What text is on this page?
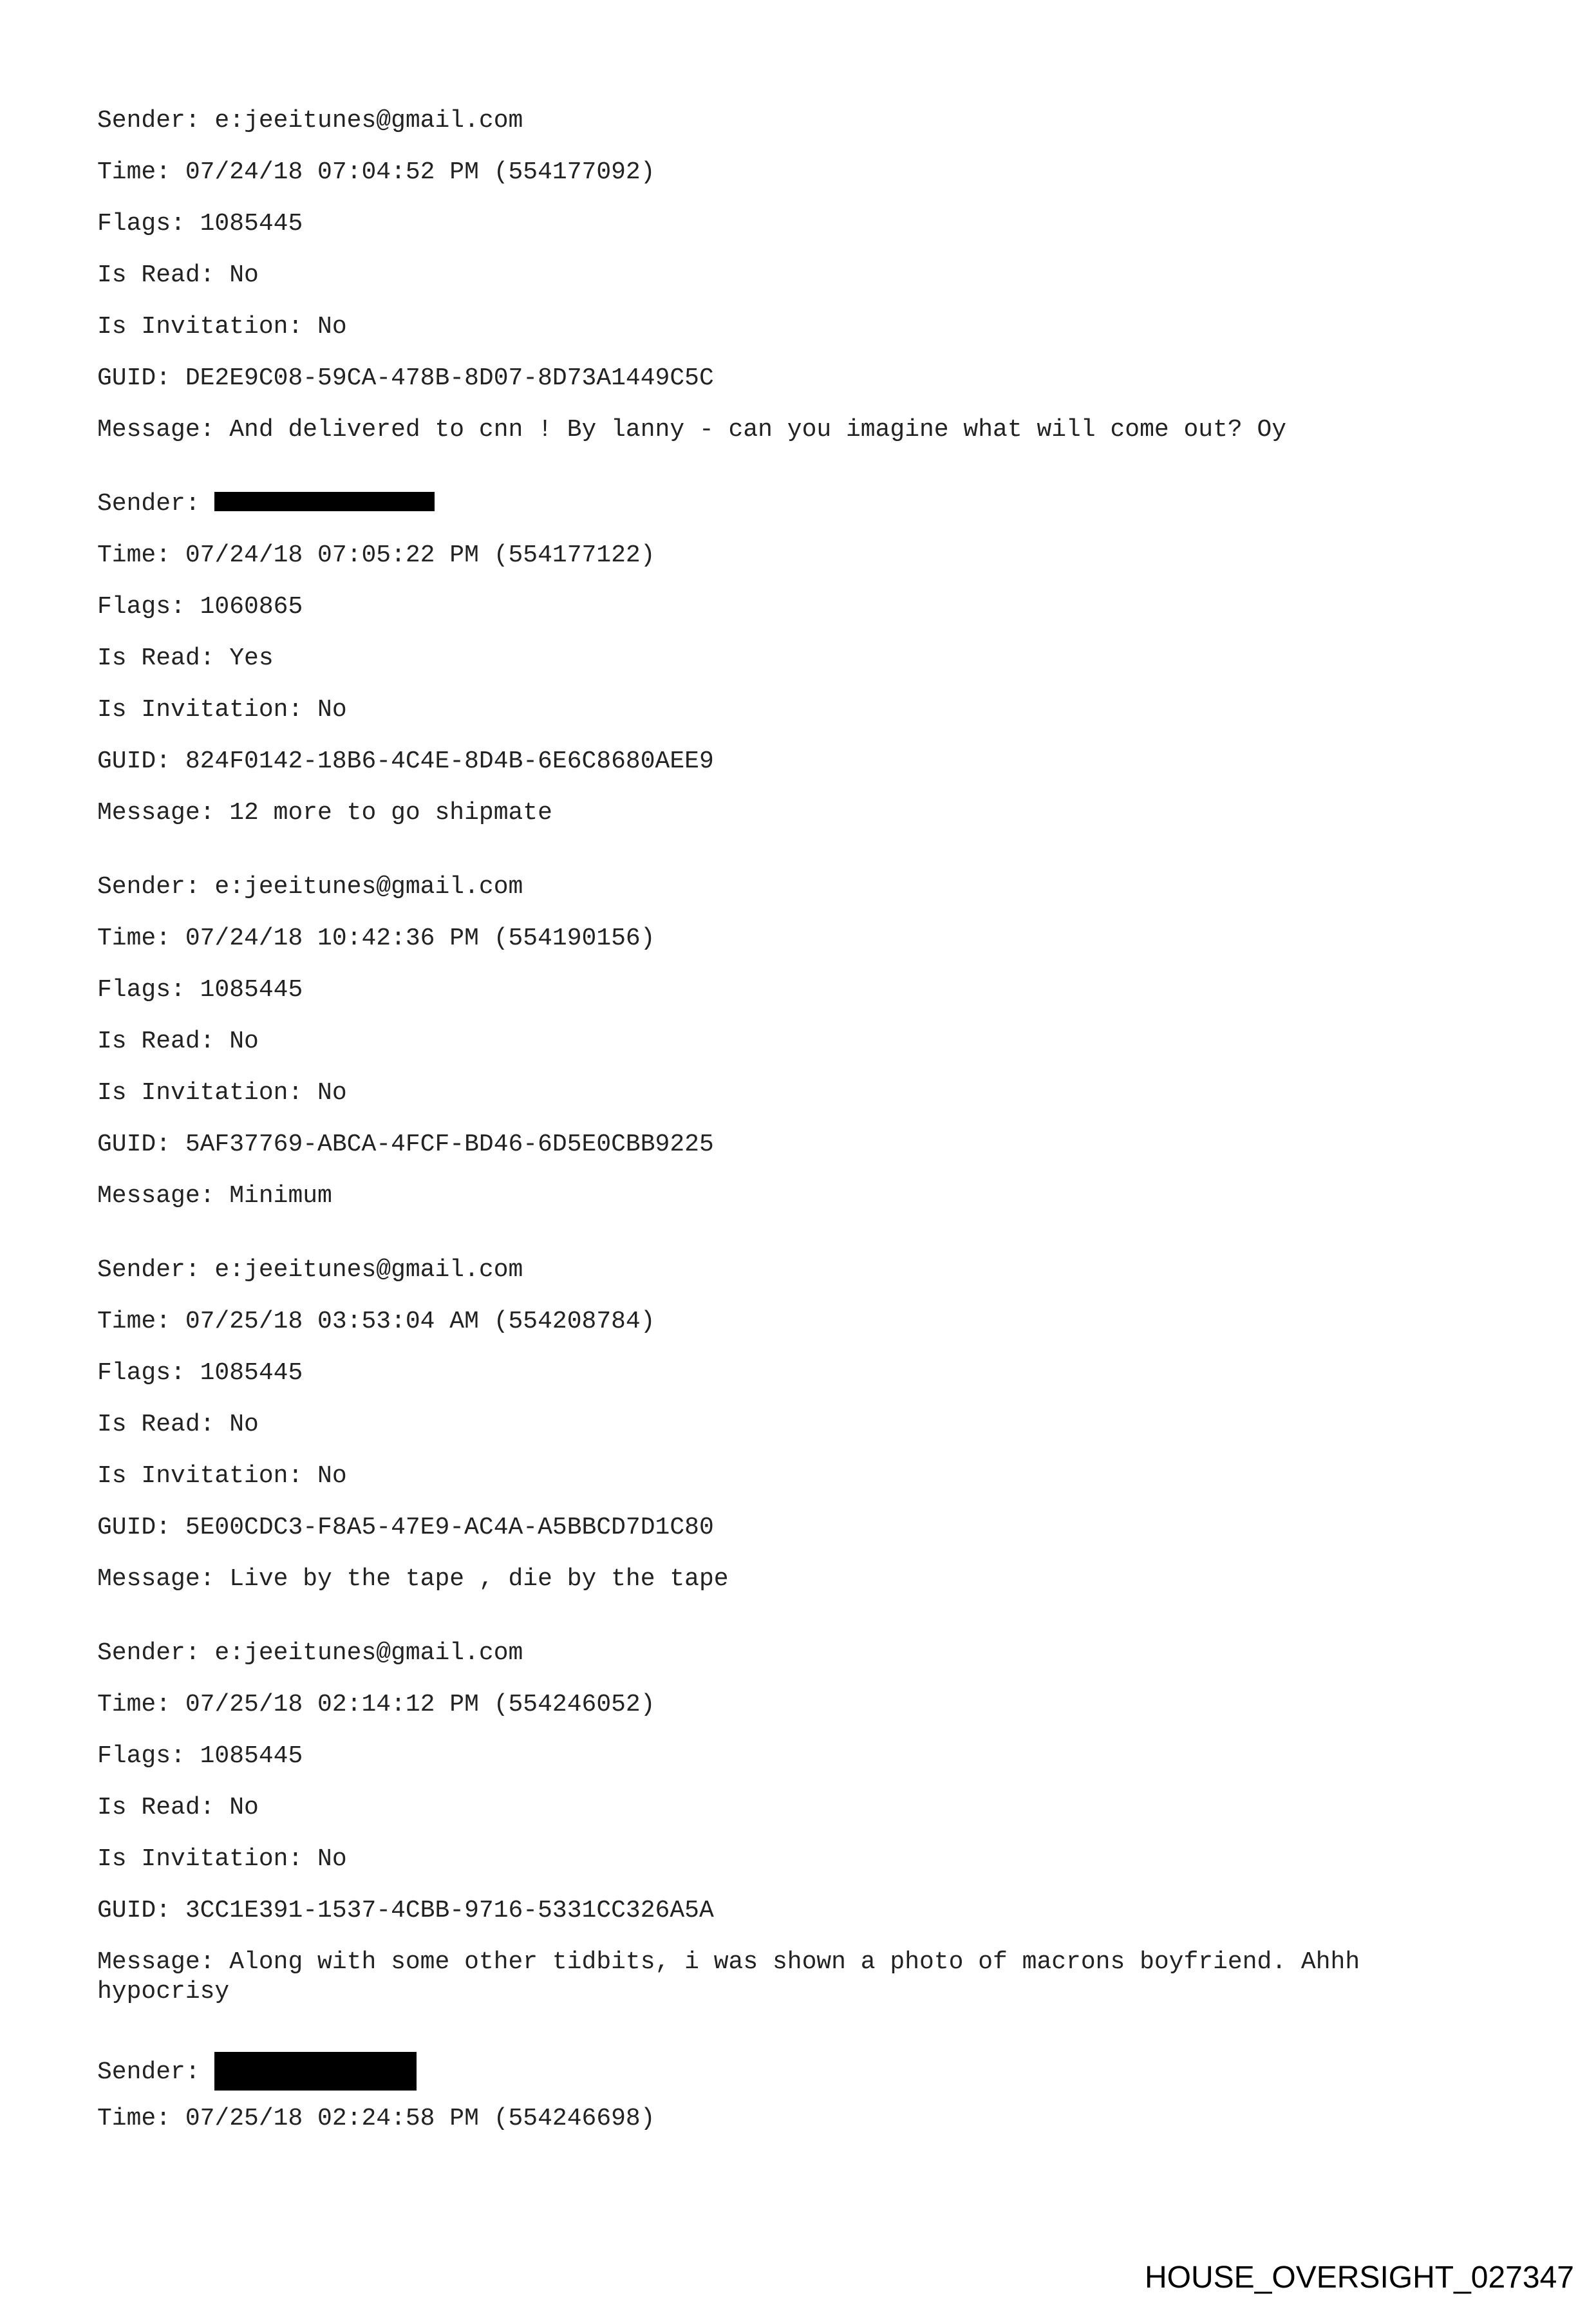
Sender: e:jeeitunes@gmail.com
Time: 07/24/18 07:04:52 PM (554177092)
Flags: 1085445
Is Read: No
Is Invitation: No
GUID: DE2E9C08-59CA-478B-8D07-8D73A1449C5C
Message: And delivered to cnn ! By lanny - can you imagine what will come out? Oy
Sender:
Time: 07/24/18 07:05:22 PM (554177122)
Flags: 1060865
Is Read: Yes
Is Invitation: No
GUID: 824F0142-18B6-4C4E-8D4B-6E6C8680AEE9
Message: 12 more to go shipmate
Sender: e:jeeitunes@gmail.com
Time: 07/24/18 10:42:36 PM (554190156)
Flags: 1085445
Is Read: No
Is Invitation: No
GUID: 5AF37769-ABCA-4FCF-BD46-6D5E0CBB9225
Message: Minimum
Sender: e:jeeitunes@gmail.com
Time: 07/25/18 03:53:04 AM (554208784)
Flags: 1085445
Is Read: No
Is Invitation: No
GUID: 5E00CDC3-F8A5-47E9-AC4A-A5BBCD7D1C80
Message: Live by the tape , die by the tape
Sender: e:jeeitunes@gmail.com
Time: 07/25/18 02:14:12 PM (554246052)
Flags: 1085445
Is Read: No
Is Invitation: No
GUID: 3CC1E391-1537-4CBB-9716-5331CC326A5A
Message: Along with some other tidbits, i was shown a photo of macrons boyfriend. Ahhh
hypocrisy
Sender:
Time: 07/25/18 02:24:58 PM (554246698)
HOUSE_OVERSIGHT_027347
